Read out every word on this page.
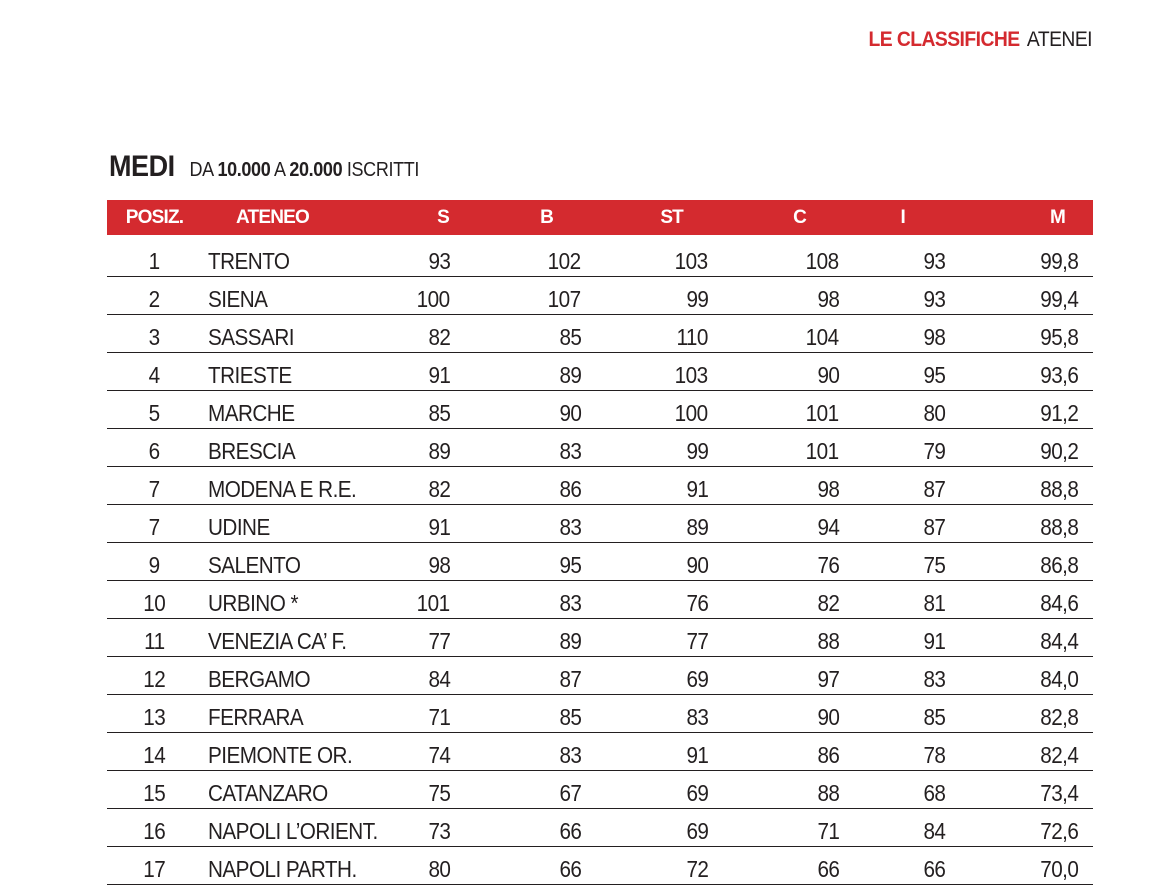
LE CLASSIFICHE ATENEI
MEDI DA 10.000 A 20.000 ISCRITTI
POSIZ.	ATENEO	S	B	ST	C	I	M
1	TRENTO	93	102	103	108	93	99,8
2	SIENA	100	107	99	98	93	99,4
3	SASSARI	82	85	110	104	98	95,8
4	TRIESTE	91	89	103	90	95	93,6
5	MARCHE	85	90	100	101	80	91,2
6	BRESCIA	89	83	99	101	79	90,2
7	MODENA E R.E.	82	86	91	98	87	88,8
7	UDINE	91	83	89	94	87	88,8
9	SALENTO	98	95	90	76	75	86,8
10	URBINO *	101	83	76	82	81	84,6
11	VENEZIA CA’ F.	77	89	77	88	91	84,4
12	BERGAMO	84	87	69	97	83	84,0
13	FERRARA	71	85	83	90	85	82,8
14	PIEMONTE OR.	74	83	91	86	78	82,4
15	CATANZARO	75	67	69	88	68	73,4
16	NAPOLI L’ORIENT.	73	66	69	71	84	72,6
17	NAPOLI PARTH.	80	66	72	66	66	70,0
